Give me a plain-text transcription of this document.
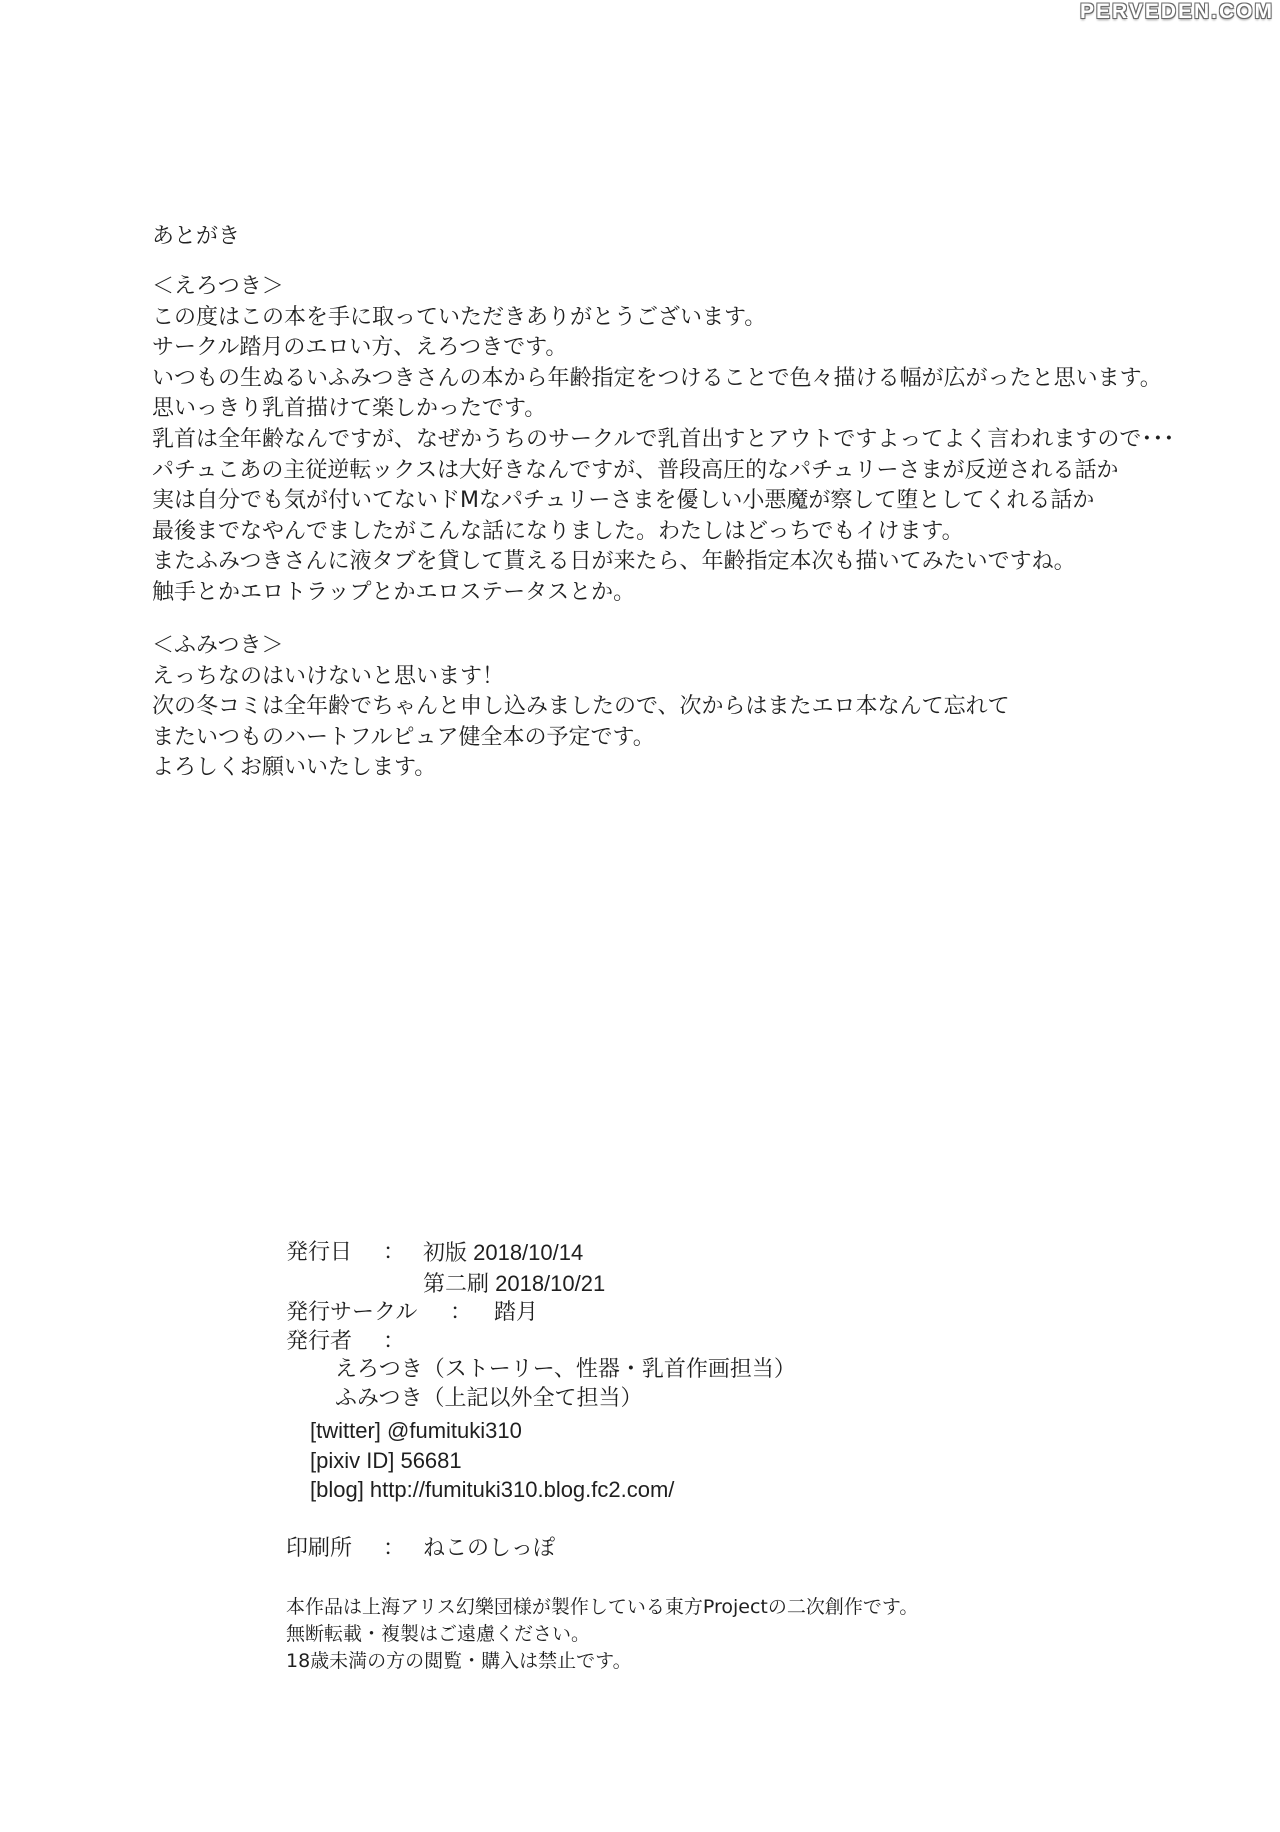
PERVEDEN.COM
あとがき
＜えろつき＞
この度はこの本を手に取っていただきありがとうございます。
サークル踏月のエロい方、えろつきです。
いつもの生ぬるいふみつきさんの本から年齢指定をつけることで色々描ける幅が広がったと思います。
思いっきり乳首描けて楽しかったです。
乳首は全年齢なんですが、なぜかうちのサークルで乳首出すとアウトですよってよく言われますので･･･
パチュこあの主従逆転ックスは大好きなんですが、普段高圧的なパチュリーさまが反逆される話か
実は自分でも気が付いてないドMなパチュリーさまを優しい小悪魔が察して堕としてくれる話か
最後までなやんでましたがこんな話になりました。わたしはどっちでもイけます。
またふみつきさんに液タブを貸して貰える日が来たら、年齢指定本次も描いてみたいですね。
触手とかエロトラップとかエロステータスとか。
＜ふみつき＞
えっちなのはいけないと思います！
次の冬コミは全年齢でちゃんと申し込みましたので、次からはまたエロ本なんて忘れて
またいつものハートフルピュア健全本の予定です。
よろしくお願いいたします。
発行日 ： 初版 2018/10/14
第二刷 2018/10/21
発行サークル ： 踏月
発行者 ：
えろつき（ストーリー、性器・乳首作画担当）
ふみつき（上記以外全て担当）
[twitter] @fumituki310
[pixiv ID] 56681
[blog] http://fumituki310.blog.fc2.com/
印刷所 ： ねこのしっぽ
本作品は上海アリス幻樂団様が製作している東方Projectの二次創作です。
無断転載・複製はご遠慮ください。
18歳未満の方の閲覧・購入は禁止です。
